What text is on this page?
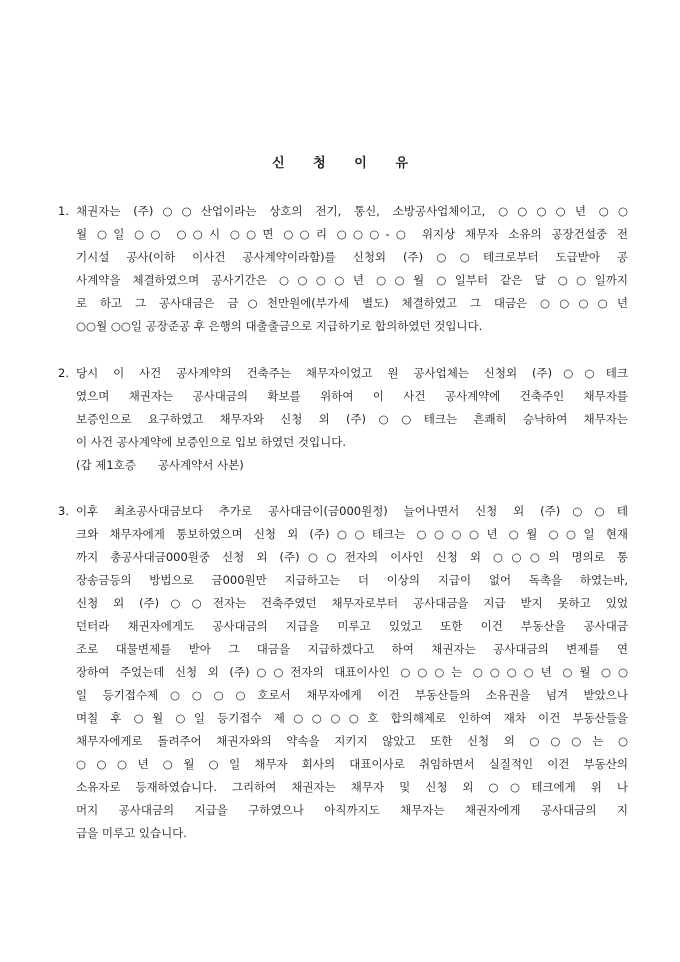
신 청 이 유
1. 채권자는 (주)○○산업이라는 상호의 전기, 통신, 소방공사업체이고, ○○○○년 ○○
월 ○일 ○○ ○○시 ○○면 ○○리 ○○○-○ 위지상 채무자 소유의 공장건설중 전
기시설 공사(이하 이사건 공사계약이라함)를 신청외 (주)○○테크로부터 도급받아 공
사계약을 체결하였으며 공사기간은 ○○○○년 ○○월 ○일부터 같은 달 ○○일까지
로 하고 그 공사대금은 금○천만원에(부가세 별도) 체결하였고 그 대금은 ○○○○년
○○월 ○○일 공장준공 후 은행의 대출출금으로 지급하기로 합의하였던 것입니다.
2. 당시 이 사건 공사계약의 건축주는 채무자이었고 원 공사업체는 신청외 (주)○○테크
였으며 채권자는 공사대금의 확보를 위하여 이 사건 공사계약에 건축주인 채무자를
보증인으로 요구하였고 채무자와 신청 외 (주)○○테크는 흔쾌히 승낙하여 채무자는
이 사건 공사계약에 보증인으로 입보 하였던 것입니다.
(갑 제1호증      공사계약서 사본)
3. 이후 최초공사대금보다 추가로 공사대금이(금000원정) 늘어나면서 신청 외 (주)○○테
크와 채무자에게 통보하였으며 신청 외 (주)○○테크는 ○○○○년 ○월 ○○일 현재
까지 총공사대금000원중 신청 외 (주)○○전자의 이사인 신청 외 ○○○의 명의로 통
장송금등의 방법으로 금000원만 지급하고는 더 이상의 지급이 없어 독촉을 하였는바,
신청 외 (주)○○전자는 건축주였던 채무자로부터 공사대금을 지급 받지 못하고 있었
던터라 채권자에게도 공사대금의 지급을 미루고 있었고 또한 이건 부동산을 공사대금
조로 대물변제를 받아 그 대금을 지급하겠다고 하여 채권자는 공사대금의 변제를 연
장하여 주었는데 신청 외 (주)○○전자의 대표이사인 ○○○는 ○○○○년 ○월 ○○
일 등기접수제○○○○호로서 채무자에게 이건 부동산들의 소유권을 넘겨 받았으나
며칠 후 ○월 ○일 등기접수 제○○○○호 합의해제로 인하여 재차 이건 부동산들을
채무자에게로 돌려주어 채권자와의 약속을 지키지 않았고 또한 신청 외 ○○○는 ○
○○○년 ○월 ○일 채무자 회사의 대표이사로 취임하면서 실질적인 이건 부동산의
소유자로 등재하였습니다. 그리하여 채권자는 채무자 및 신청 외 ○○테크에게 위 나
머지 공사대금의 지급을 구하였으나 아직까지도 채무자는 채권자에게 공사대금의 지
급을 미루고 있습니다.
